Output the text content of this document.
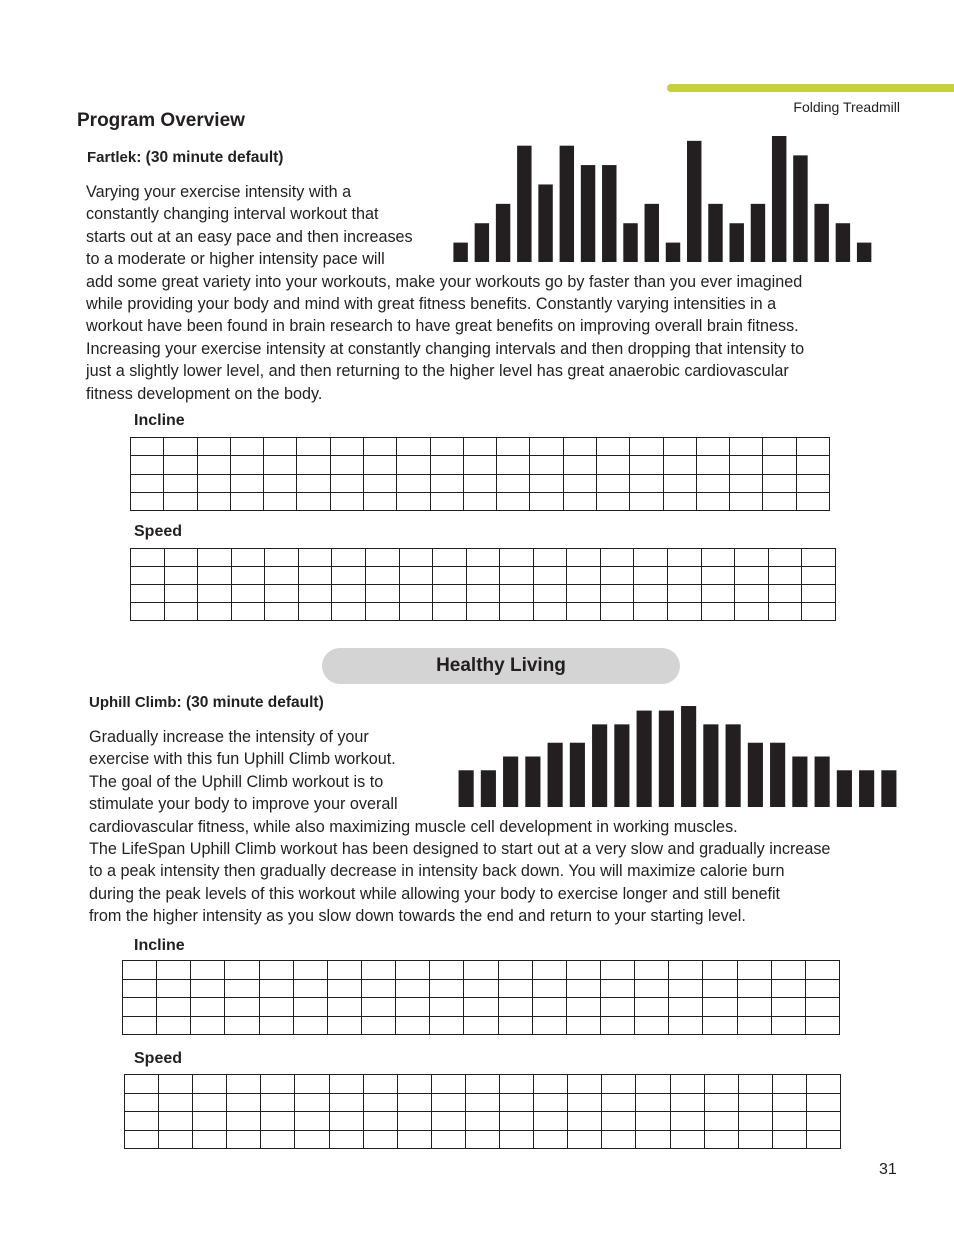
Folding Treadmill
Program Overview
Fartlek: (30 minute default)
Varying your exercise intensity with a
constantly changing interval workout that
starts out at an easy pace and then increases
to a moderate or higher intensity pace will
add some great variety into your workouts, make your workouts go by faster than you ever imagined
while providing your body and mind with great fitness benefits. Constantly varying intensities in a
workout have been found in brain research to have great benefits on improving overall brain fitness.
Increasing your exercise intensity at constantly changing intervals and then dropping that intensity to
just a slightly lower level, and then returning to the higher level has great anaerobic cardiovascular
fitness development on the body.
Incline

Speed

Healthy Living
Uphill Climb: (30 minute default)
Gradually increase the intensity of your
exercise with this fun Uphill Climb workout.
The goal of the Uphill Climb workout is to
stimulate your body to improve your overall
cardiovascular fitness, while also maximizing muscle cell development in working muscles.
The LifeSpan Uphill Climb workout has been designed to start out at a very slow and gradually increase
to a peak intensity then gradually decrease in intensity back down. You will maximize calorie burn
during the peak levels of this workout while allowing your body to exercise longer and still benefit
from the higher intensity as you slow down towards the end and return to your starting level.
Incline

Speed

31
